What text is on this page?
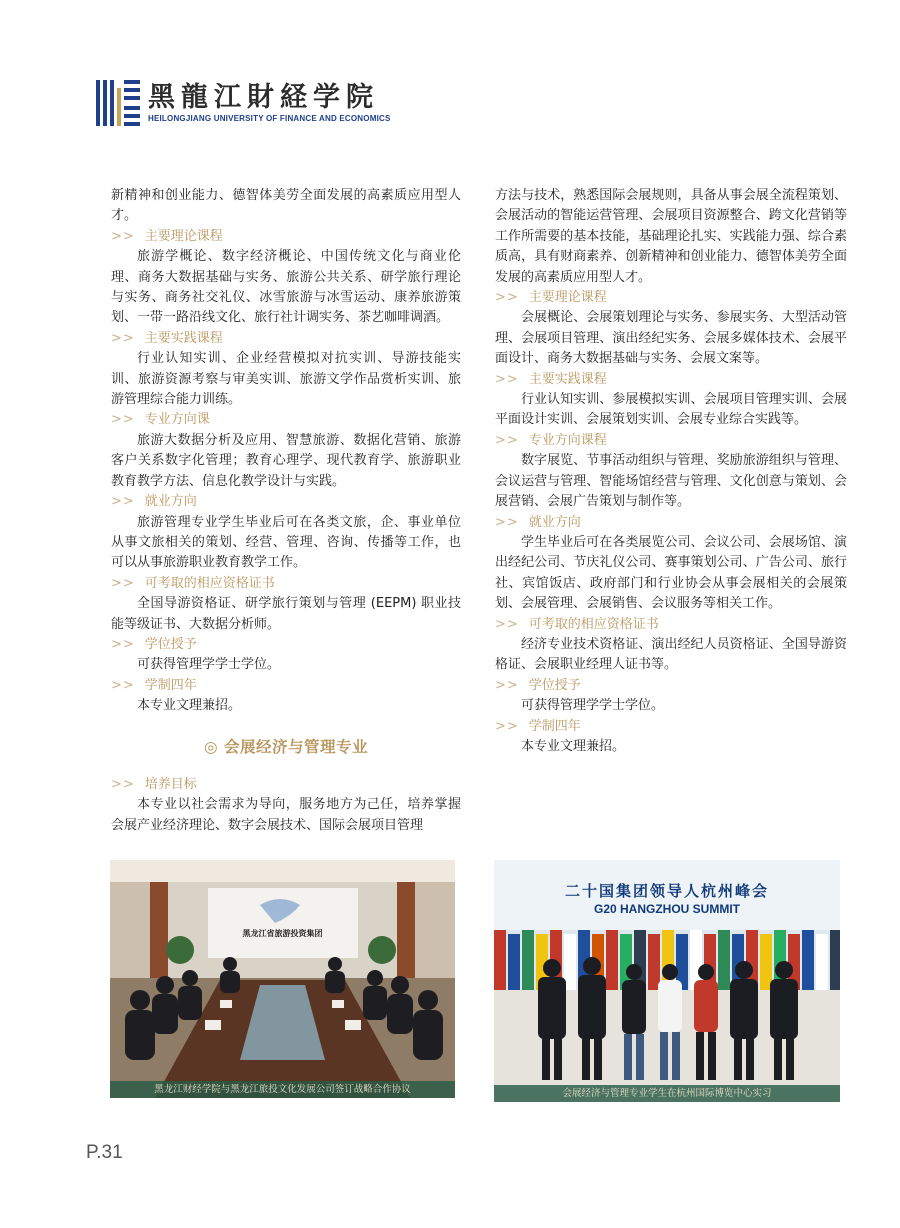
黑龍江財経学院
HEILONGJIANG UNIVERSITY OF FINANCE AND ECONOMICS

新精神和创业能力、德智体美劳全面发展的高素质应用型人才。

>> 主要理论课程

旅游学概论、数字经济概论、中国传统文化与商业伦理、商务大数据基础与实务、旅游公共关系、研学旅行理论与实务、商务社交礼仪、冰雪旅游与冰雪运动、康养旅游策划、一带一路沿线文化、旅行社计调实务、茶艺咖啡调酒。

>> 主要实践课程

行业认知实训、企业经营模拟对抗实训、导游技能实训、旅游资源考察与审美实训、旅游文学作品赏析实训、旅游管理综合能力训练。

>> 专业方向课

旅游大数据分析及应用、智慧旅游、数据化营销、旅游客户关系数字化管理；教育心理学、现代教育学、旅游职业教育教学方法、信息化教学设计与实践。

>> 就业方向

旅游管理专业学生毕业后可在各类文旅，企、事业单位从事文旅相关的策划、经营、管理、咨询、传播等工作，也可以从事旅游职业教育教学工作。

>> 可考取的相应资格证书

全国导游资格证、研学旅行策划与管理 (EEPM) 职业技能等级证书、大数据分析师。

>> 学位授予

可获得管理学学士学位。

>> 学制四年

本专业文理兼招。

◎ 会展经济与管理专业

>> 培养目标

本专业以社会需求为导向，服务地方为己任，培养掌握会展产业经济理论、数字会展技术、国际会展项目管理

方法与技术，熟悉国际会展规则，具备从事会展全流程策划、会展活动的智能运营管理、会展项目资源整合、跨文化营销等工作所需要的基本技能，基础理论扎实、实践能力强、综合素质高，具有财商素养、创新精神和创业能力、德智体美劳全面发展的高素质应用型人才。

>> 主要理论课程

会展概论、会展策划理论与实务、参展实务、大型活动管理、会展项目管理、演出经纪实务、会展多媒体技术、会展平面设计、商务大数据基础与实务、会展文案等。

>> 主要实践课程

行业认知实训、参展模拟实训、会展项目管理实训、会展平面设计实训、会展策划实训、会展专业综合实践等。

>> 专业方向课程

数字展览、节事活动组织与管理、奖励旅游组织与管理、会议运营与管理、智能场馆经营与管理、文化创意与策划、会展营销、会展广告策划与制作等。

>> 就业方向

学生毕业后可在各类展览公司、会议公司、会展场馆、演出经纪公司、节庆礼仪公司、赛事策划公司、广告公司、旅行社、宾馆饭店、政府部门和行业协会从事会展相关的会展策划、会展管理、会展销售、会议服务等相关工作。

>> 可考取的相应资格证书

经济专业技术资格证、演出经纪人员资格证、全国导游资格证、会展职业经理人证书等。

>> 学位授予

可获得管理学学士学位。

>> 学制四年

本专业文理兼招。

黑龙江省旅游投资集团
黑龙江财经学院与黑龙江旅投文化发展公司签订战略合作协议
二十国集团领导人杭州峰会
G20 HANGZHOU SUMMIT
会展经济与管理专业学生在杭州国际博览中心实习
P.31
